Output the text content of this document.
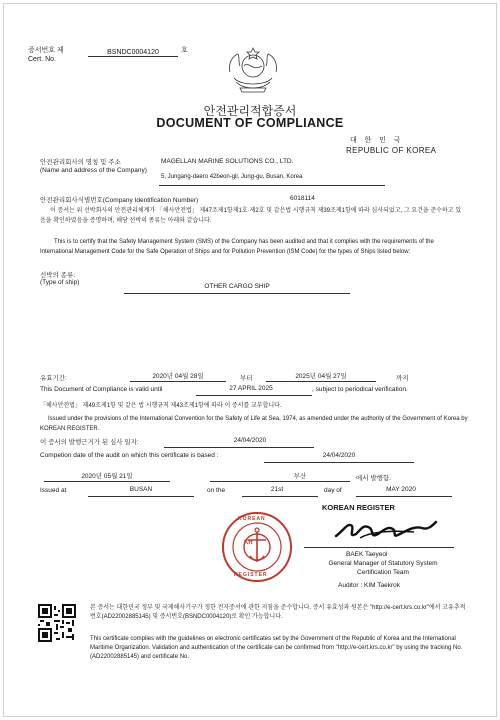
증서번호 제
Cert. No.
BSNDC0004120	호
안전관리적합증서
DOCUMENT OF COMPLIANCE
대    한    민    국
REPUBLIC OF KOREA
안전관리회사의 명칭 및 주소
(Name and address of the Company)
MAGELLAN MARINE SOLUTIONS CO., LTD.
5, Jungang-daero 42beon-gil, Jung-gu, Busan, Korea
안전관리회사식별번호(Company Identification Number)	6018114
이 증서는 위 선박회사의 안전관리체계가 「해사안전법」 제47조제1항제1호·제2호 및 같은법 시행규칙 제39조제1항에 따라 심사되었고, 그 요건을 준수하고 있음을 확인하였음을 증명하며, 해당 선박의 종류는 아래와 같습니다.
This is to certify that the Safety Management System (SMS) of the Company has been audited and that it complies with the requirements of the International Management Code for the Safe Operation of Ships and for Pollution Prevention (ISM Code) for the types of Ships listed below:
선박의 종류:
(Type of ship)
OTHER CARGO SHIP
유효기간:	2020년 04월 28일	부터	2025년 04월 27일	까지
This Document of Compliance is valid until	27 APRIL 2025	, subject to periodical verification.
「해사안전법」 제49조제1항 및 같은 법 시행규칙 제43조제1항에 따라 이 증서를 교부합니다.
Issued under the provisions of the International Convention for the Safety of Life at Sea, 1974, as amended under the authority of the Government of Korea by KOREAN REGISTER.
이 증서의 발행근거가 된 심사 일자:	24/04/2020
Competion date of the audit on which this certificate is based :	24/04/2020
2020년 05월 21일	부산	에서 발행함.
Issued at	BUSAN	on the	21st	day of	MAY 2020
KOREAN REGISTER
BAEK Taeyeol
General Manager of Statutory System
Certification Team
Auditor : KIM Taekrok
KR
KOREAN
REGISTER
본 증서는 대한민국 정부 및 국제해사기구가 정한 전자증서에 관한 지침을 준수합니다. 증서 유효성과 원본은 "http://e-cert.krs.co.kr"에서 고유추적번호(AD22002885145) 및 증서번호(BSNDC0004120)로 확인 가능합니다.
This certificate complies with the guidelines on electronic certificates set by the Government of the Republic of Korea and the International Maritime Organization. Validation and authentication of the certificate can be confirmed from "http://e-cert.krs.co.kr" by using the tracking No.(AD22002885145) and certificate No.
